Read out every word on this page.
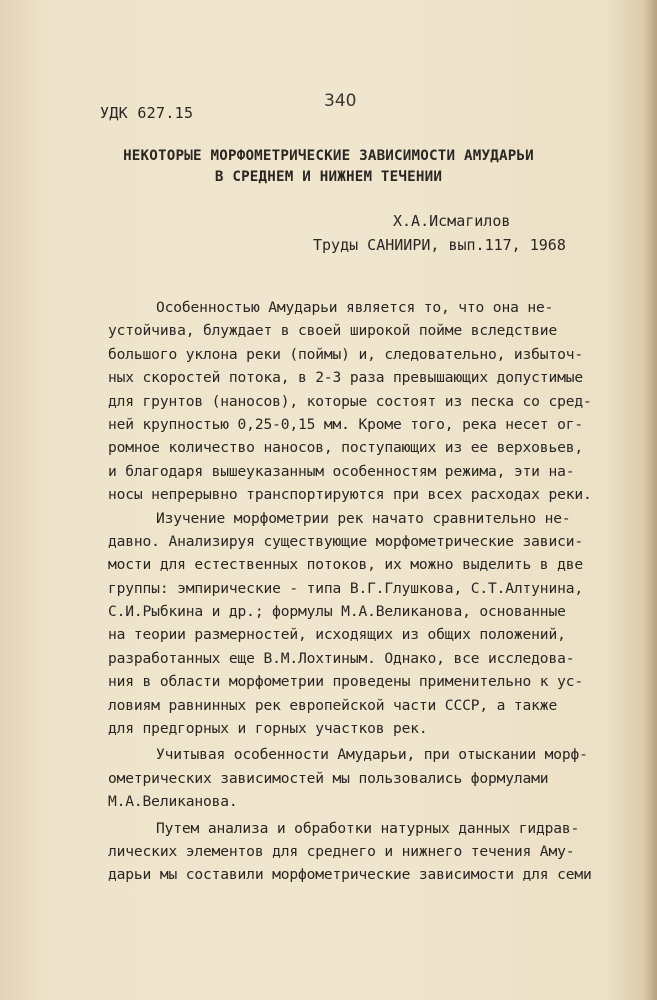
340
УДК 627.15
НЕКОТОРЫЕ МОРФОМЕТРИЧЕСКИЕ ЗАВИСИМОСТИ АМУДАРЬИ
В СРЕДНЕМ И НИЖНЕМ ТЕЧЕНИИ
Х.А.Исмагилов
Труды САНИИРИ, вып.117, 1968
Особенностью Амударьи является то, что она не-
устойчива, блуждает в своей широкой пойме вследствие
большого уклона реки (поймы) и, следовательно, избыточ-
ных скоростей потока, в 2-3 раза превышающих допустимые
для грунтов (наносов), которые состоят из песка со сред-
ней крупностью 0,25-0,15 мм. Кроме того, река несет ог-
ромное количество наносов, поступающих из ее верховьев,
и благодаря вышеуказанным особенностям режима, эти на-
носы непрерывно транспортируются при всех расходах реки.
Изучение морфометрии рек начато сравнительно не-
давно. Анализируя существующие морфометрические зависи-
мости для естественных потоков, их можно выделить в две
группы: эмпирические - типа В.Г.Глушкова, С.Т.Алтунина,
С.И.Рыбкина и др.; формулы М.А.Великанова, основанные
на теории размерностей, исходящих из общих положений,
разработанных еще В.М.Лохтиным. Однако, все исследова-
ния в области морфометрии проведены применительно к ус-
ловиям равнинных рек европейской части СССР, а также
для предгорных и горных участков рек.
Учитывая особенности Амударьи, при отыскании морф-
ометрических зависимостей мы пользовались формулами
М.А.Великанова.
Путем анализа и обработки натурных данных гидрав-
лических элементов для среднего и нижнего течения Аму-
дарьи мы составили морфометрические зависимости для семи
